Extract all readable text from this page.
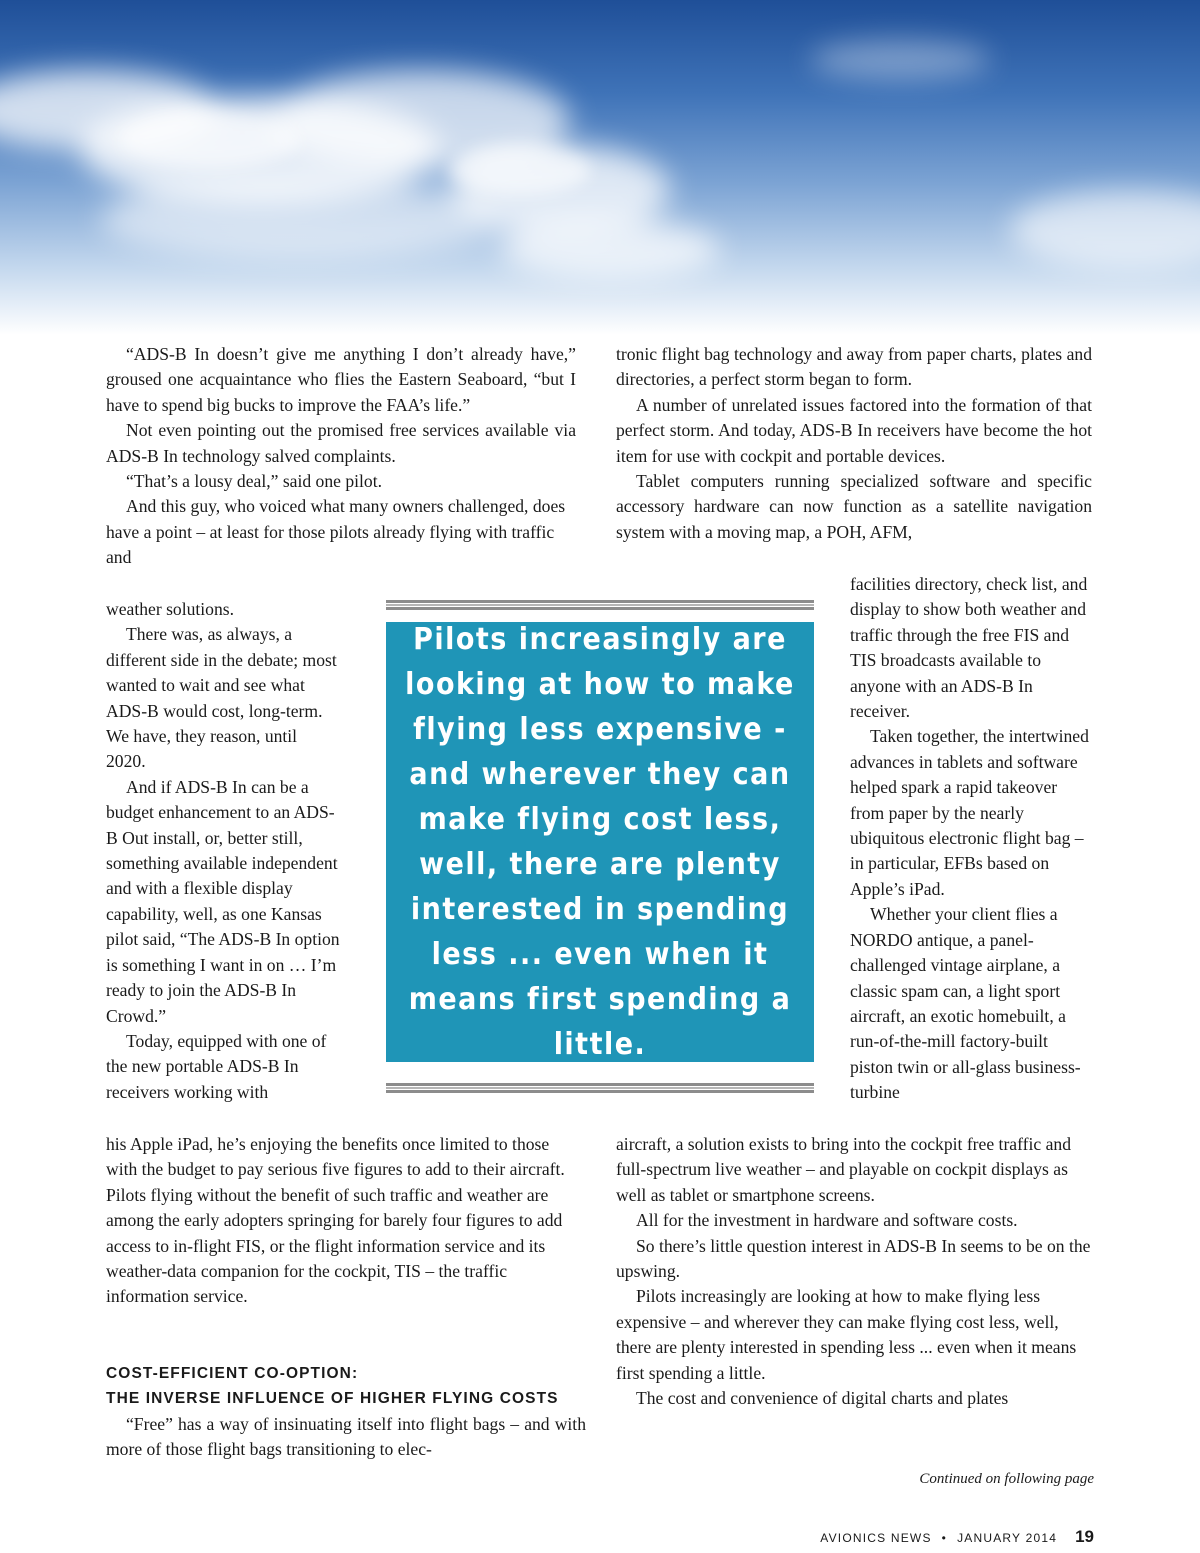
“ADS-B In doesn’t give me anything I don’t already have,” groused one acquaintance who flies the Eastern Seaboard, “but I have to spend big bucks to improve the FAA’s life.”

Not even pointing out the promised free services available via ADS-B In technology salved complaints.

“That’s a lousy deal,” said one pilot.

And this guy, who voiced what many owners challenged, does have a point – at least for those pilots already flying with traffic and

weather solutions.

There was, as always, a different side in the debate; most wanted to wait and see what ADS-B would cost, long-term. We have, they reason, until 2020.

And if ADS-B In can be a budget enhancement to an ADS-B Out install, or, better still, something available independent and with a flexible display capability, well, as one Kansas pilot said, “The ADS-B In option is something I want in on … I’m ready to join the ADS-B In Crowd.”

Today, equipped with one of the new portable ADS-B In receivers working with

his Apple iPad, he’s enjoying the benefits once limited to those with the budget to pay serious five figures to add to their aircraft. Pilots flying without the benefit of such traffic and weather are among the early adopters springing for barely four figures to add access to in-flight FIS, or the flight information service and its weather-data companion for the cockpit, TIS – the traffic information service.

COST-EFFICIENT CO-OPTION:
THE INVERSE INFLUENCE OF HIGHER FLYING COSTS

“Free” has a way of insinuating itself into flight bags – and with more of those flight bags transitioning to elec-

tronic flight bag technology and away from paper charts, plates and directories, a perfect storm began to form.

A number of unrelated issues factored into the formation of that perfect storm. And today, ADS-B In receivers have become the hot item for use with cockpit and portable devices.

Tablet computers running specialized software and specific accessory hardware can now function as a satellite navigation system with a moving map, a POH, AFM,

facilities directory, check list, and display to show both weather and traffic through the free FIS and TIS broadcasts available to anyone with an ADS-B In receiver.

Taken together, the intertwined advances in tablets and software helped spark a rapid takeover from paper by the nearly ubiquitous electronic flight bag – in particular, EFBs based on Apple’s iPad.

Whether your client flies a NORDO antique, a panel-challenged vintage airplane, a classic spam can, a light sport aircraft, an exotic homebuilt, a run-of-the-mill factory-built piston twin or all-glass business-turbine

aircraft, a solution exists to bring into the cockpit free traffic and full-spectrum live weather – and playable on cockpit displays as well as tablet or smartphone screens.

All for the investment in hardware and software costs.

So there’s little question interest in ADS-B In seems to be on the upswing.

Pilots increasingly are looking at how to make flying less expensive – and wherever they can make flying cost less, well, there are plenty interested in spending less ... even when it means first spending a little.

The cost and convenience of digital charts and plates

Pilots increasingly are looking at how to make flying less expensive - and wherever they can make flying cost less, well, there are plenty interested in spending less ... even when it means first spending a little.
Continued on following page
AVIONICS NEWS • JANUARY 2014 19
